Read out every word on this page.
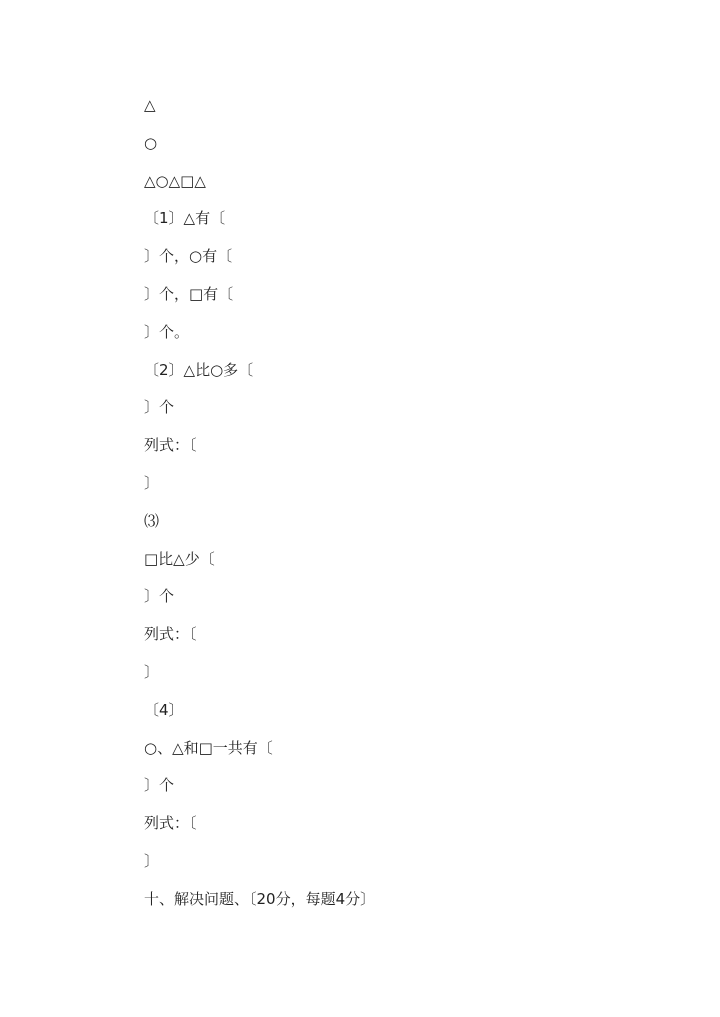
△
○
△○△□△
〔1〕△有〔
〕个，○有〔
〕个，□有〔
〕个。
〔2〕△比○多〔
〕个
列式：〔
〕
⑶
□比△少〔
〕个
列式：〔
〕
〔4〕
○、△和□一共有〔
〕个
列式：〔
〕
十、解决问题、〔20分，每题4分〕
